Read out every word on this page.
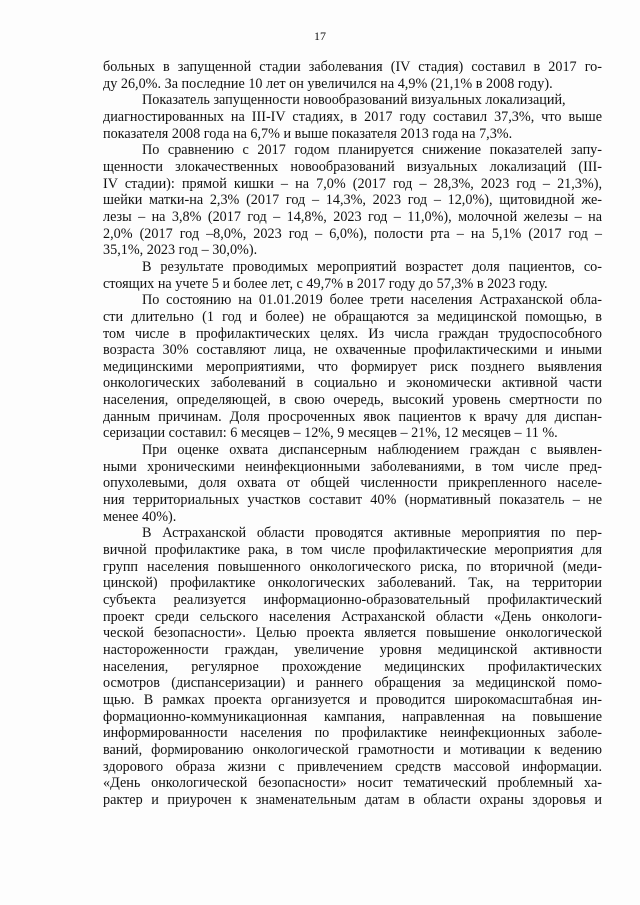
17
больных в запущенной стадии заболевания (IV стадия) составил в 2017 го-
ду 26,0%. За последние 10 лет он увеличился на 4,9% (21,1% в 2008 году).
Показатель запущенности новообразований визуальных локализаций,
диагностированных на III-IV стадиях, в 2017 году составил 37,3%, что выше
показателя 2008 года на 6,7% и выше показателя 2013 года на 7,3%.
По сравнению с 2017 годом планируется снижение показателей запу-
щенности злокачественных новообразований визуальных локализаций (III-
IV стадии): прямой кишки – на 7,0% (2017 год – 28,3%, 2023 год – 21,3%),
шейки матки-на 2,3% (2017 год – 14,3%, 2023 год – 12,0%), щитовидной же-
лезы – на 3,8% (2017 год – 14,8%, 2023 год – 11,0%), молочной железы – на
2,0% (2017 год –8,0%, 2023 год – 6,0%), полости рта – на 5,1% (2017 год –
35,1%, 2023 год – 30,0%).
В результате проводимых мероприятий возрастет доля пациентов, со-
стоящих на учете 5 и более лет, с 49,7% в 2017 году до 57,3% в 2023 году.
По состоянию на 01.01.2019 более трети населения Астраханской обла-
сти длительно (1 год и более) не обращаются за медицинской помощью, в
том числе в профилактических целях. Из числа граждан трудоспособного
возраста 30% составляют лица, не охваченные профилактическими и иными
медицинскими мероприятиями, что формирует риск позднего выявления
онкологических заболеваний в социально и экономически активной части
населения, определяющей, в свою очередь, высокий уровень смертности по
данным причинам. Доля просроченных явок пациентов к врачу для диспан-
серизации составил: 6 месяцев – 12%, 9 месяцев – 21%, 12 месяцев – 11 %.
При оценке охвата диспансерным наблюдением граждан с выявлен-
ными хроническими неинфекционными заболеваниями, в том числе пред-
опухолевыми, доля охвата от общей численности прикрепленного населе-
ния территориальных участков составит 40% (нормативный показатель – не
менее 40%).
В Астраханской области проводятся активные мероприятия по пер-
вичной профилактике рака, в том числе профилактические мероприятия для
групп населения повышенного онкологического риска, по вторичной (меди-
цинской) профилактике онкологических заболеваний. Так, на территории
субъекта реализуется информационно-образовательный профилактический
проект среди сельского населения Астраханской области «День онкологи-
ческой безопасности». Целью проекта является повышение онкологической
настороженности граждан, увеличение уровня медицинской активности
населения, регулярное прохождение медицинских профилактических
осмотров (диспансеризации) и раннего обращения за медицинской помо-
щью. В рамках проекта организуется и проводится широкомасштабная ин-
формационно-коммуникационная кампания, направленная на повышение
информированности населения по профилактике неинфекционных заболе-
ваний, формированию онкологической грамотности и мотивации к ведению
здорового образа жизни с привлечением средств массовой информации.
«День онкологической безопасности» носит тематический проблемный ха-
рактер и приурочен к знаменательным датам в области охраны здоровья и
